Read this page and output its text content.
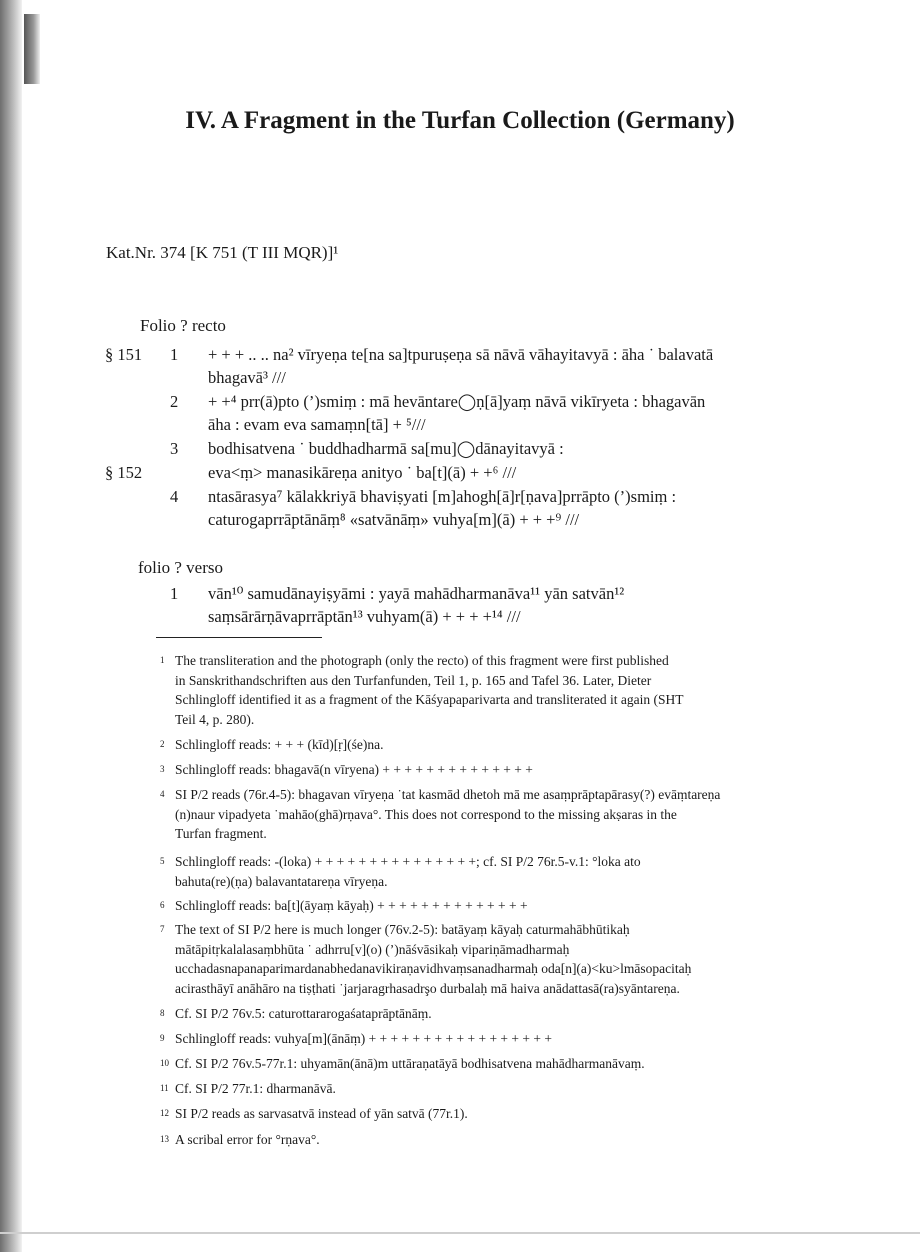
IV. A Fragment in the Turfan Collection (Germany)
Kat.Nr. 374 [K 751 (T III MQR)]¹
Folio ? recto
§ 151
§ 152
1 + + + .. .. na² vīryeṇa te[na sa]tpuruṣeṇa sā nāvā vāhayitavyā : āha ˙ balavatā
bhagavā³ ///
2 + +⁴ prr(ā)pto (’)smiṃ : mā hevāntare◯ṇ[ā]yaṃ nāvā vikīryeta : bhagavān
āha : evam eva samaṃn[tā] + ⁵///
3 bodhisatvena ˙ buddhadharmā sa[mu]◯dānayitavyā :
eva<ṃ> manasikāreṇa anityo ˙ ba[t](ā) + +⁶ ///
4 ntasārasya⁷ kālakkriyā bhaviṣyati [m]ahogh[ā]r[ṇava]prrāpto (’)smiṃ :
caturogaprrāptānāṃ⁸ «satvānāṃ» vuhya[m](ā) + + +⁹ ///
folio ? verso
1 vān¹⁰ samudānayiṣyāmi : yayā mahādharmanāva¹¹ yān satvān¹²
saṃsārārṇāvaprrāptān¹³ vuhyam(ā) + + + +¹⁴ ///
1 The transliteration and the photograph (only the recto) of this fragment were first published
in Sanskrithandschriften aus den Turfanfunden, Teil 1, p. 165 and Tafel 36. Later, Dieter
Schlingloff identified it as a fragment of the Kāśyapaparivarta and transliterated it again (SHT
Teil 4, p. 280).
2 Schlingloff reads: + + + (kīd)[ṛ](śe)na.
3 Schlingloff reads: bhagavā(n vīryena) + + + + + + + + + + + + + +
4 SI P/2 reads (76r.4-5): bhagavan vīryeṇa ˙tat kasmād dhetoh mā me asaṃprāptapārasy(?) evāṃtareṇa
(n)naur vipadyeta ˙mahāo(ghā)rṇava°. This does not correspond to the missing akṣaras in the
Turfan fragment.
5 Schlingloff reads: -(loka) + + + + + + + + + + + + + + +; cf. SI P/2 76r.5-v.1: °loka ato
bahuta(re)(ṇa) balavantatareṇa vīryeṇa.
6 Schlingloff reads: ba[t](āyaṃ kāyaḥ) + + + + + + + + + + + + + +
7 The text of SI P/2 here is much longer (76v.2-5): batāyaṃ kāyaḥ caturmahābhūtikaḥ
mātāpitṛkalalasaṃbhūta ˙ adhrru[v](o) (’)nāśvāsikaḥ vipariṇāmadharmaḥ
ucchadasnapanaparimardanabhedanavikiraṇavidhvaṃsanadharmaḥ oda[n](a)<ku>lmāsopacitaḥ
acirasthāyī anāhāro na tiṣṭhati ˙jarjaragrhasadrşo durbalaḥ mā haiva anādattasā(ra)syāntareṇa.
8 Cf. SI P/2 76v.5: caturottararogaśataprāptānāṃ.
9 Schlingloff reads: vuhya[m](ānāṃ) + + + + + + + + + + + + + + + + +
10 Cf. SI P/2 76v.5-77r.1: uhyamān(ānā)m uttāraṇatāyā bodhisatvena mahādharmanāvaṃ.
11 Cf. SI P/2 77r.1: dharmanāvā.
12 SI P/2 reads as sarvasatvā instead of yān satvā (77r.1).
13 A scribal error for °rṇava°.
